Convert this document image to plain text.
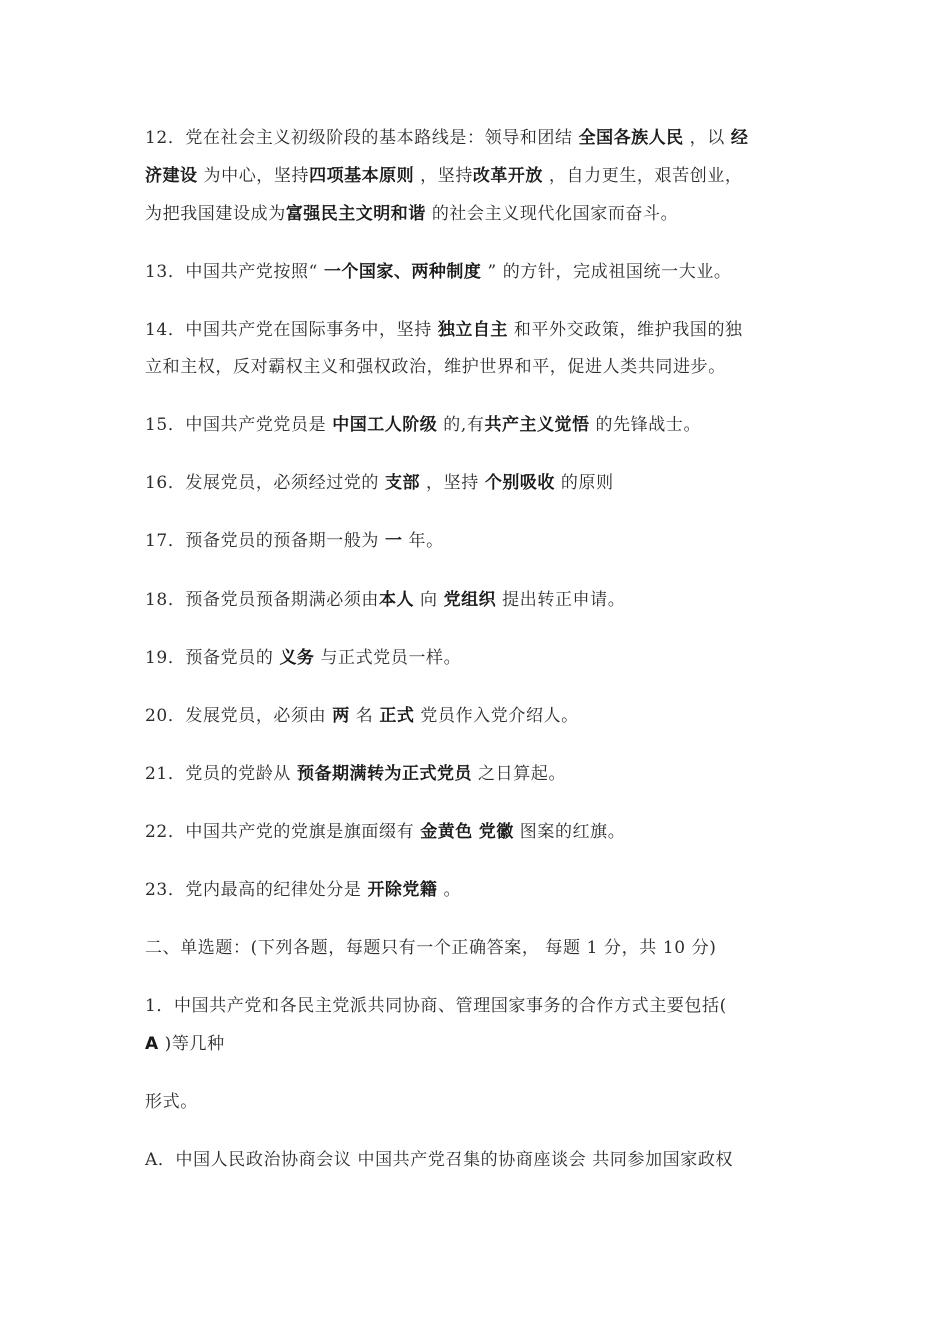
12．党在社会主义初级阶段的基本路线是：领导和团结 全国各族人民 ，以 经
济建设 为中心，坚持四项基本原则 ，坚持改革开放 ，自力更生，艰苦创业，
为把我国建设成为富强民主文明和谐 的社会主义现代化国家而奋斗。
13．中国共产党按照“ 一个国家、两种制度 ” 的方针，完成祖国统一大业。
14．中国共产党在国际事务中，坚持 独立自主 和平外交政策，维护我国的独
立和主权，反对霸权主义和强权政治，维护世界和平，促进人类共同进步。
15．中国共产党党员是 中国工人阶级 的,有共产主义觉悟 的先锋战士。
16．发展党员，必须经过党的 支部 ，坚持 个别吸收 的原则
17．预备党员的预备期一般为 一 年。
18．预备党员预备期满必须由本人 向 党组织 提出转正申请。
19．预备党员的 义务 与正式党员一样。
20．发展党员，必须由 两 名 正式 党员作入党介绍人。
21．党员的党龄从 预备期满转为正式党员 之日算起。
22．中国共产党的党旗是旗面缀有 金黄色 党徽 图案的红旗。
23．党内最高的纪律处分是 开除党籍 。
二、单选题：(下列各题，每题只有一个正确答案， 每题 1 分，共 10 分)
1．中国共产党和各民主党派共同协商、管理国家事务的合作方式主要包括(
A )等几种
形式。
A．中国人民政治协商会议 中国共产党召集的协商座谈会 共同参加国家政权
